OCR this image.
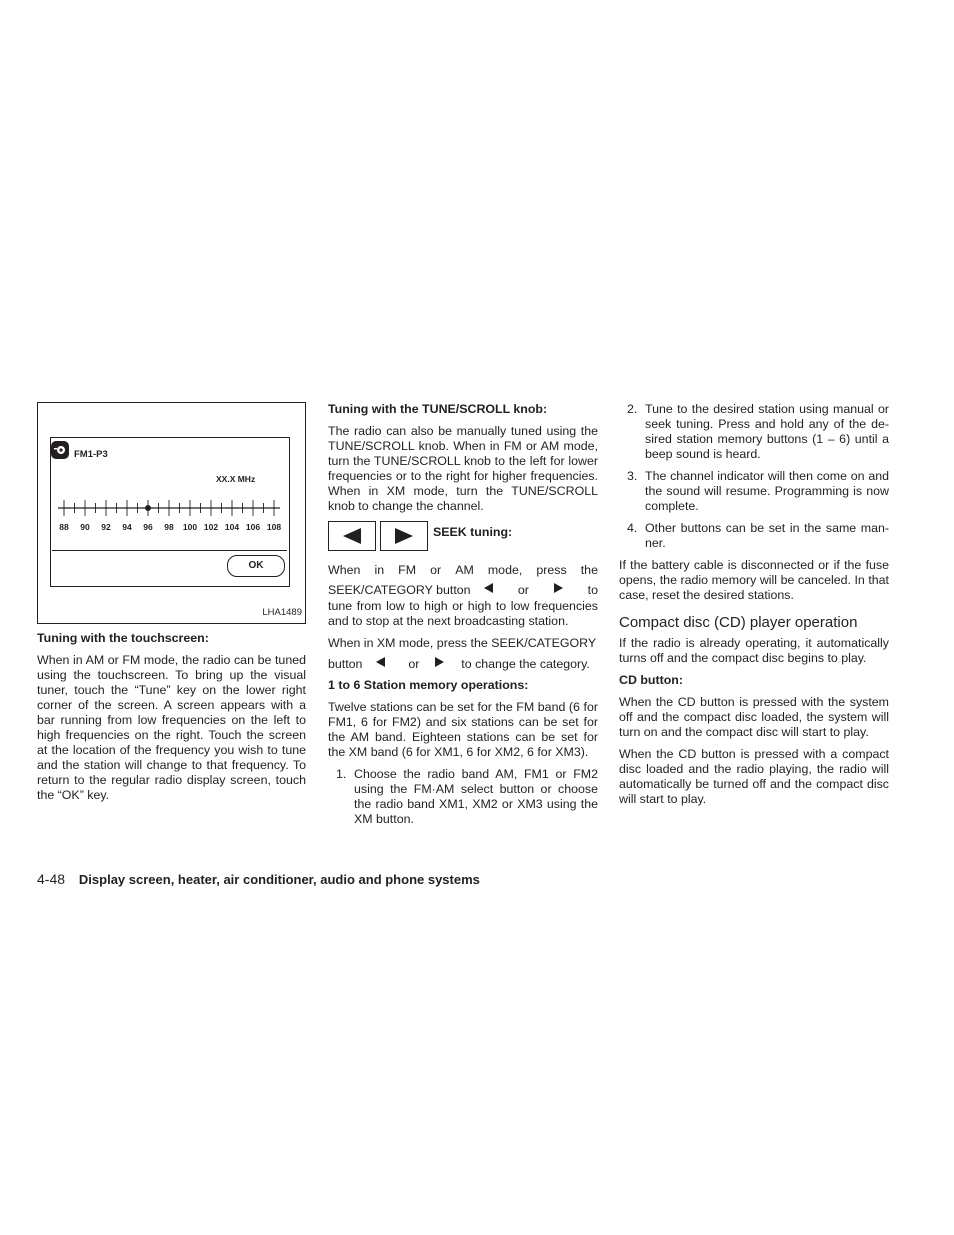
FM1-P3
XX.X MHz
88 90 92 94 96 98 100 102 104 106 108
OK
LHA1489
Tuning with the touchscreen:
When in AM or FM mode, the radio can be tuned using the touchscreen. To bring up the visual tuner, touch the “Tune” key on the lower right corner of the screen. A screen appears with a bar running from low frequencies on the left to high frequencies on the right. Touch the screen at the location of the frequency you wish to tune and the station will change to that frequency. To return to the regular radio display screen, touch the “OK” key.
Tuning with the TUNE/SCROLL knob:
The radio can also be manually tuned using the TUNE/SCROLL knob. When in FM or AM mode, turn the TUNE/SCROLL knob to the left for lower frequencies or to the right for higher frequencies. When in XM mode, turn the TUNE/SCROLL knob to change the channel.
SEEK tuning:
When in FM or AM mode, press the
SEEK/CATEGORY button	or	to
tune from low to high or high to low frequencies and to stop at the next broadcasting station.
When in XM mode, press the SEEK/CATEGORY
button	or	to change the category.
1 to 6 Station memory operations:
Twelve stations can be set for the FM band (6 for FM1, 6 for FM2) and six stations can be set for the AM band. Eighteen stations can be set for the XM band (6 for XM1, 6 for XM2, 6 for XM3).
1. Choose the radio band AM, FM1 or FM2 using the FM·AM select button or choose the radio band XM1, XM2 or XM3 using the XM button.
2. Tune to the desired station using manual or seek tuning. Press and hold any of the de-sired station memory buttons (1 – 6) until a beep sound is heard.
3. The channel indicator will then come on and the sound will resume. Programming is now complete.
4. Other buttons can be set in the same man-ner.
If the battery cable is disconnected or if the fuse opens, the radio memory will be canceled. In that case, reset the desired stations.
Compact disc (CD) player operation
If the radio is already operating, it automatically turns off and the compact disc begins to play.
CD button:
When the CD button is pressed with the system off and the compact disc loaded, the system will turn on and the compact disc will start to play.
When the CD button is pressed with a compact disc loaded and the radio playing, the radio will automatically be turned off and the compact disc will start to play.
4-48 Display screen, heater, air conditioner, audio and phone systems
